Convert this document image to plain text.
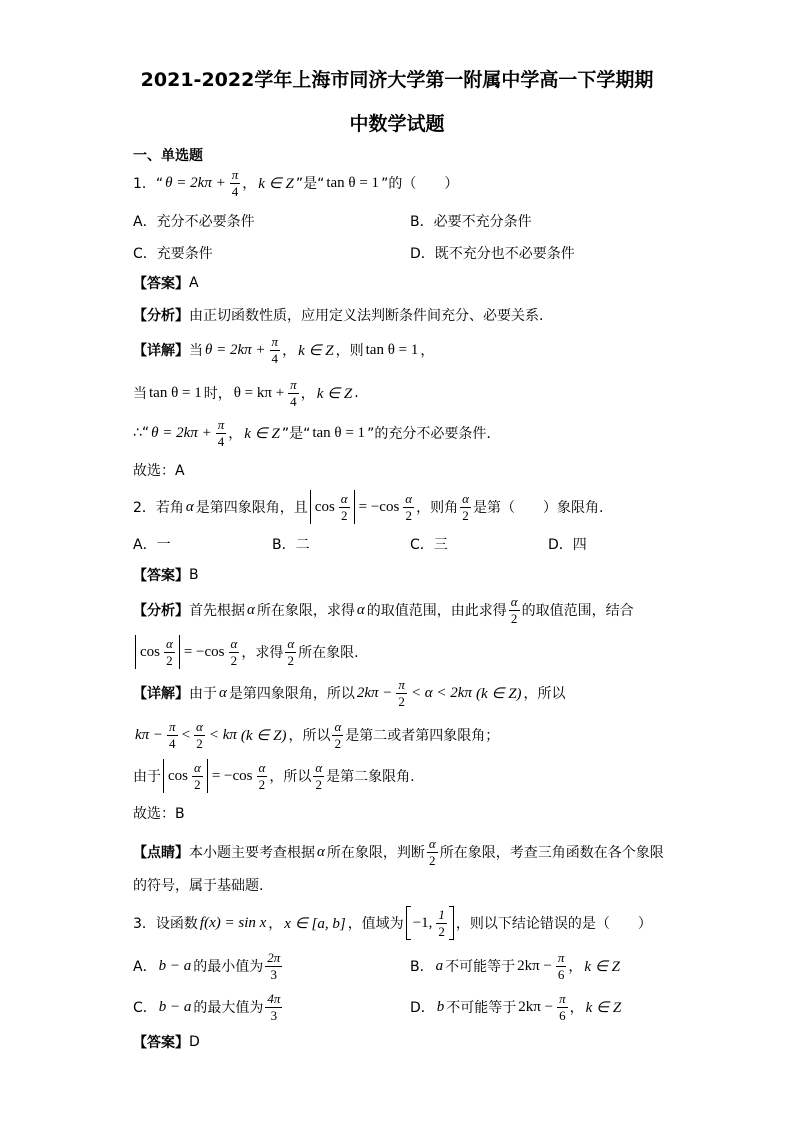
2021-2022学年上海市同济大学第一附属中学高一下学期期
中数学试题
一、单选题
1．“ $\theta = 2k\pi + \frac{\pi}{4}$ ， k ∈ Z ”是“ tan θ = 1 ”的（　　）
A．充分不必要条件	B．必要不充分条件
C．充要条件	D．既不充分也不必要条件
【答案】 A
【分析】 由正切函数性质，应用定义法判断条件间充分、必要关系.
【详解】 当 $\theta = 2k\pi + \frac{\pi}{4}$ ， k ∈ Z ，则 tan θ = 1 ，
当 tan θ = 1 时， $\theta = k\pi + \frac{\pi}{4}$ ， k ∈ Z .
∴“ $\theta = 2k\pi + \frac{\pi}{4}$ ， k ∈ Z ”是“ tan θ = 1 ”的充分不必要条件.
故选：A
2．若角 α 是第四象限角，且 $\cos \frac{\alpha}{2} = -\cos \frac{\alpha}{2}$ ，则角 $\frac{\alpha}{2}$ 是第（　　）象限角.
A．一	B．二	C．三	D．四
【答案】 B
【分析】 首先根据 α 所在象限，求得 α 的取值范围，由此求得 $\frac{\alpha}{2}$ 的取值范围，结合
$\cos \frac{\alpha}{2} = -\cos \frac{\alpha}{2}$ ，求得 $\frac{\alpha}{2}$ 所在象限.
【详解】 由于 α 是第四象限角，所以 $2k\pi - \frac{\pi}{2} < \alpha < 2k\pi$ (k ∈ Z) ，所以
$k\pi - \frac{\pi}{4} < \frac{\alpha}{2} < k\pi$ (k ∈ Z) ，所以 $\frac{\alpha}{2}$ 是第二或者第四象限角；
由于 $\cos \frac{\alpha}{2} = -\cos \frac{\alpha}{2}$ ，所以 $\frac{\alpha}{2}$ 是第二象限角.
故选：B
【点睛】 本小题主要考查根据 α 所在象限，判断 $\frac{\alpha}{2}$ 所在象限，考查三角函数在各个象限
的符号，属于基础题.
3．设函数 f(x) = sin x ， x ∈ [a, b] ，值域为 −1, $\frac{1}{2}$ ，则以下结论错误的是（　　）
A． b − a 的最小值为 $\frac{2\pi}{3}$	B． a 不可能等于 $2k\pi - \frac{\pi}{6}$ ， k ∈ Z
C． b − a 的最大值为 $\frac{4\pi}{3}$	D． b 不可能等于 $2k\pi - \frac{\pi}{6}$ ， k ∈ Z
【答案】 D
